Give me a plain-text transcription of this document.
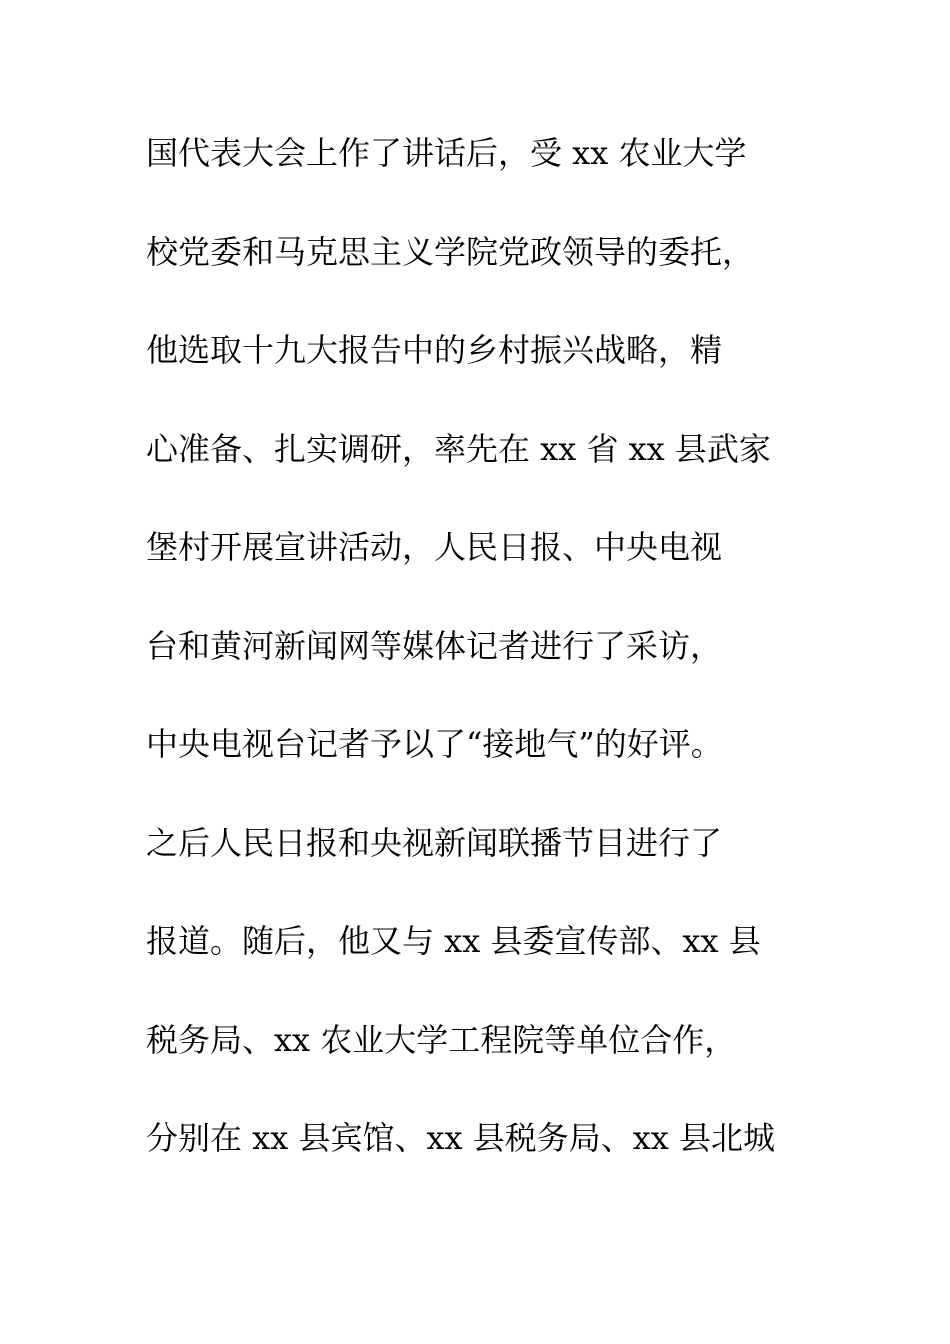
国代表大会上作了讲话后，受 xx 农业大学
校党委和马克思主义学院党政领导的委托，
他选取十九大报告中的乡村振兴战略，精
心准备、扎实调研，率先在 xx 省 xx 县武家
堡村开展宣讲活动，人民日报、中央电视
台和黄河新闻网等媒体记者进行了采访，
中央电视台记者予以了“接地气”的好评。
之后人民日报和央视新闻联播节目进行了
报道。随后，他又与 xx 县委宣传部、xx 县
税务局、xx 农业大学工程院等单位合作，
分别在 xx 县宾馆、xx 县税务局、xx 县北城
